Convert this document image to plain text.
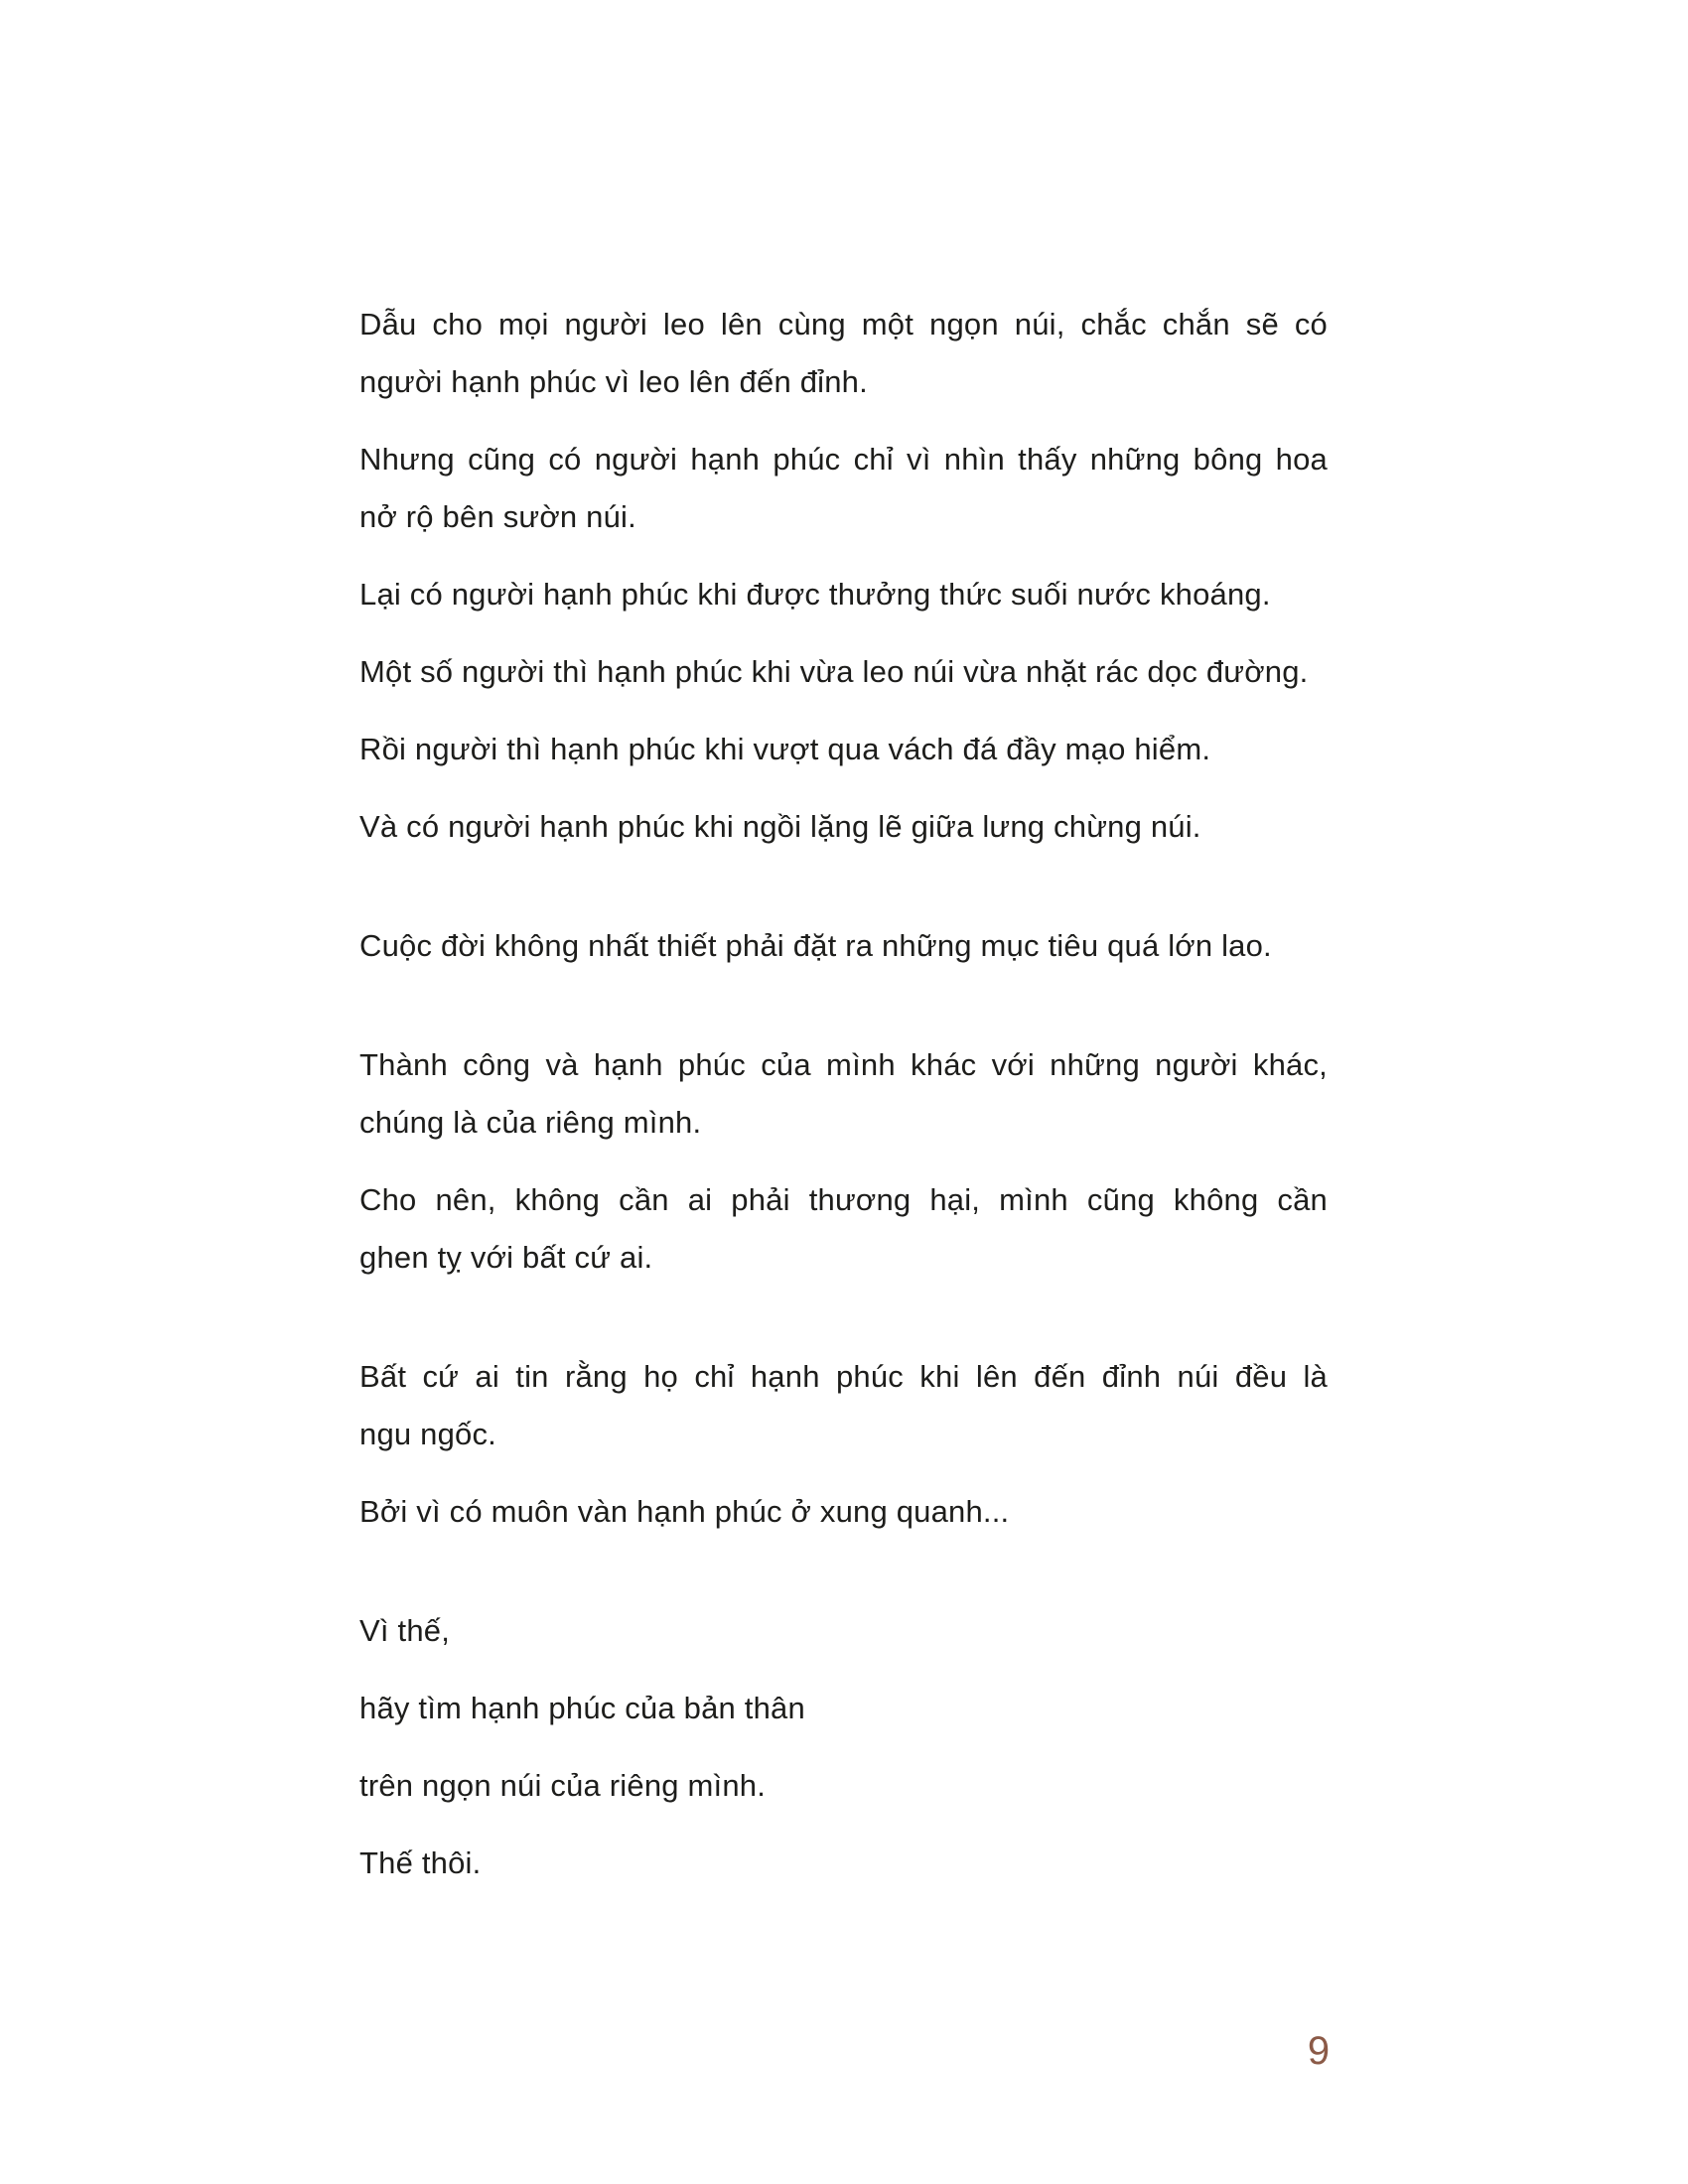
Dẫu cho mọi người leo lên cùng một ngọn núi, chắc chắn sẽ có
người hạnh phúc vì leo lên đến đỉnh.

Nhưng cũng có người hạnh phúc chỉ vì nhìn thấy những bông hoa
nở rộ bên sườn núi.

Lại có người hạnh phúc khi được thưởng thức suối nước khoáng.

Một số người thì hạnh phúc khi vừa leo núi vừa nhặt rác dọc đường.

Rồi người thì hạnh phúc khi vượt qua vách đá đầy mạo hiểm.

Và có người hạnh phúc khi ngồi lặng lẽ giữa lưng chừng núi.

Cuộc đời không nhất thiết phải đặt ra những mục tiêu quá lớn lao.

Thành công và hạnh phúc của mình khác với những người khác,
chúng là của riêng mình.

Cho nên, không cần ai phải thương hại, mình cũng không cần
ghen tỵ với bất cứ ai.

Bất cứ ai tin rằng họ chỉ hạnh phúc khi lên đến đỉnh núi đều là
ngu ngốc.

Bởi vì có muôn vàn hạnh phúc ở xung quanh...

Vì thế,

hãy tìm hạnh phúc của bản thân

trên ngọn núi của riêng mình.

Thế thôi.

9
